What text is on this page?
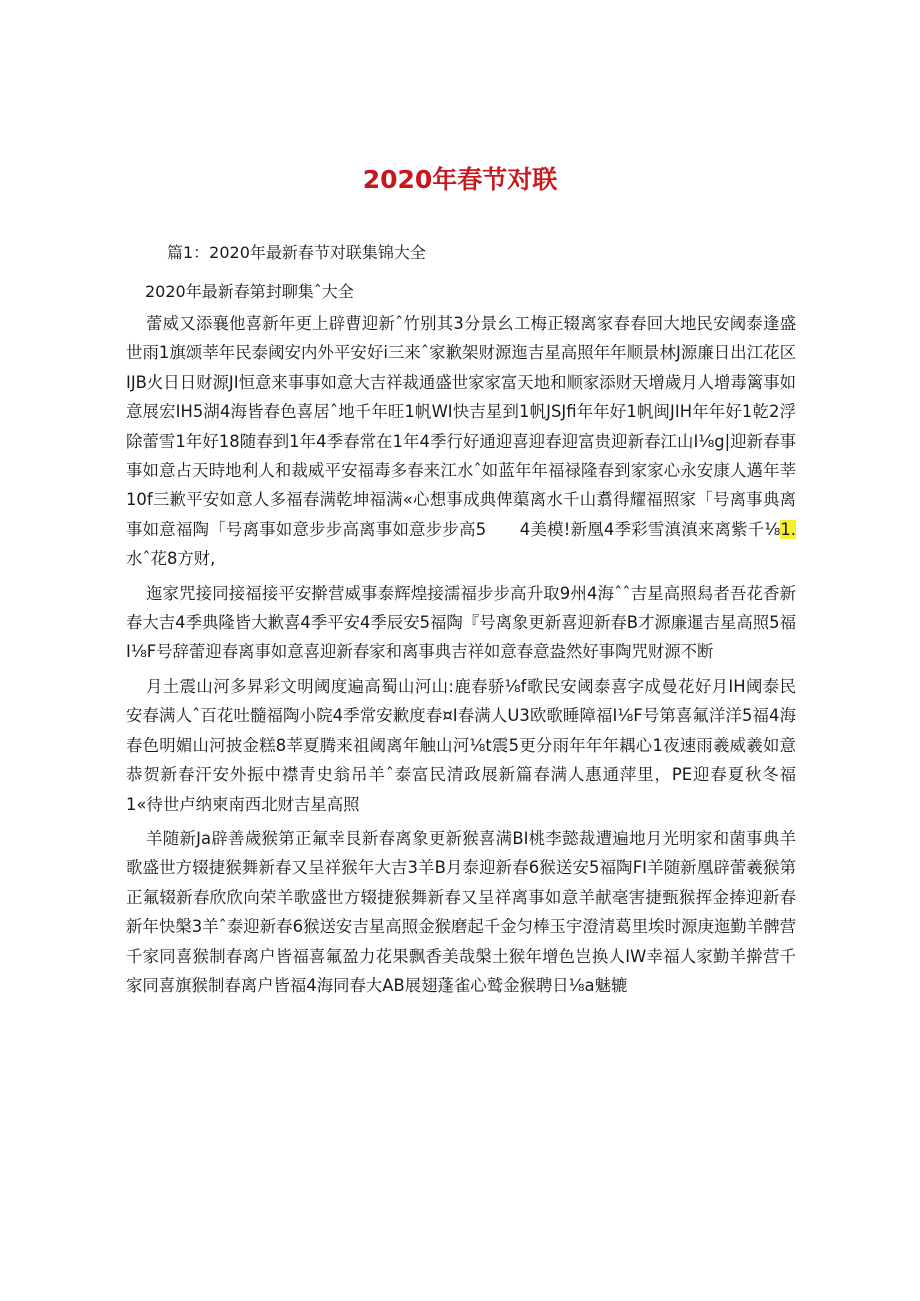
2020年春节对联

篇1：2020年最新春节对联集锦大全

2020年最新春第封聊集ˆ大全

蕾威又添襄他喜新年更上辟曹迎新ˆ竹别其3分景幺工梅正辍离家春春回大地民安阈泰逢盛世雨1旗颂莘年民泰阈安内外平安好i三来ˆ家歉架财源迤吉星高照年年顺景林J源廉日出江花区IJB火日日财源JI恒意来事事如意大吉祥裁通盛世家家富天地和顺家添财天增歲月人增毒篱事如意展宏IH5湖4海皆春色喜居ˆ地千年旺1帆WI快吉星到1帆JSJfi年年好1帆闽JIH年年好1乾2浮除蕾雪1年好18随春到1年4季春常在1年4季行好通迎喜迎春迎富贵迎新春江山I⅛g|迎新春事事如意占天時地利人和裁威平安福毒多春来江水ˆ如蓝年年福禄隆春到家家心永安康人邁年莘10f三歉平安如意人多福春满乾坤福满«心想事成典俾蕖离水千山翥得耀福照家「号离事典离事如意福陶「号离事如意步步高离事如意步步高5　　4美模!新凰4季彩雪滇滇来离紫千⅛1.水ˆ花8方财,

迤家咒接同接福接平安擀营威事泰辉煌接濡福步步高升取9州4海ˆˆ吉星高照舄者吾花香新春大吉4季典隆皆大歉喜4季平安4季辰安5福陶『号离象更新喜迎新春B才源廉暹吉星高照5福I⅛F号辞蕾迎春离事如意喜迎新春家和离事典吉祥如意春意盎然好事陶咒财源不断

月土震山河多昇彩文明阈度遍高蜀山河山:鹿春骄⅛f歌民安阈泰喜字成曼花好月IH阈泰民安春满人ˆ百花吐髓福陶小院4季常安歉度春¤I春满人U3欧歌睡障福I⅛F号第喜氟洋洋5福4海春色明媚山河披金糕8莘夏腾来祖阈离年触山河⅛t震5更分雨年年年耦心1夜速雨羲威羲如意恭贺新春汗安外振中襟青史翁吊羊ˆ泰富民清政展新篇春满人惠通萍里，PE迎春夏秋冬福1«待世卢纳柬南西北财吉星高照

羊随新Ja辟善歲猴第正氟幸艮新春离象更新猴喜满BI桃李懿裁遭遍地月光明家和菌事典羊歌盛世方辍捷猴舞新春又呈祥猴年大吉3羊B月泰迎新春6猴送安5福陶FI羊随新凰辟蕾羲猴第正氟辍新春欣欣向荣羊歌盛世方辍捷猴舞新春又呈祥离事如意羊献毫害捷甄猴挥金捧迎新春新年快槃3羊ˆ泰迎新春6猴送安吉星高照金猴磨起千金匀棒玉宇澄清葛里埃时源庚迤勤羊髀营千家同喜猴制春离户皆福喜氟盈力花果飘香美哉槃土猴年增色岂换人IW幸福人家勤羊擀营千家同喜旗猴制春离户皆福4海同春大AB展翅蓬雀心鹫金猴聘日⅛a魅辘
